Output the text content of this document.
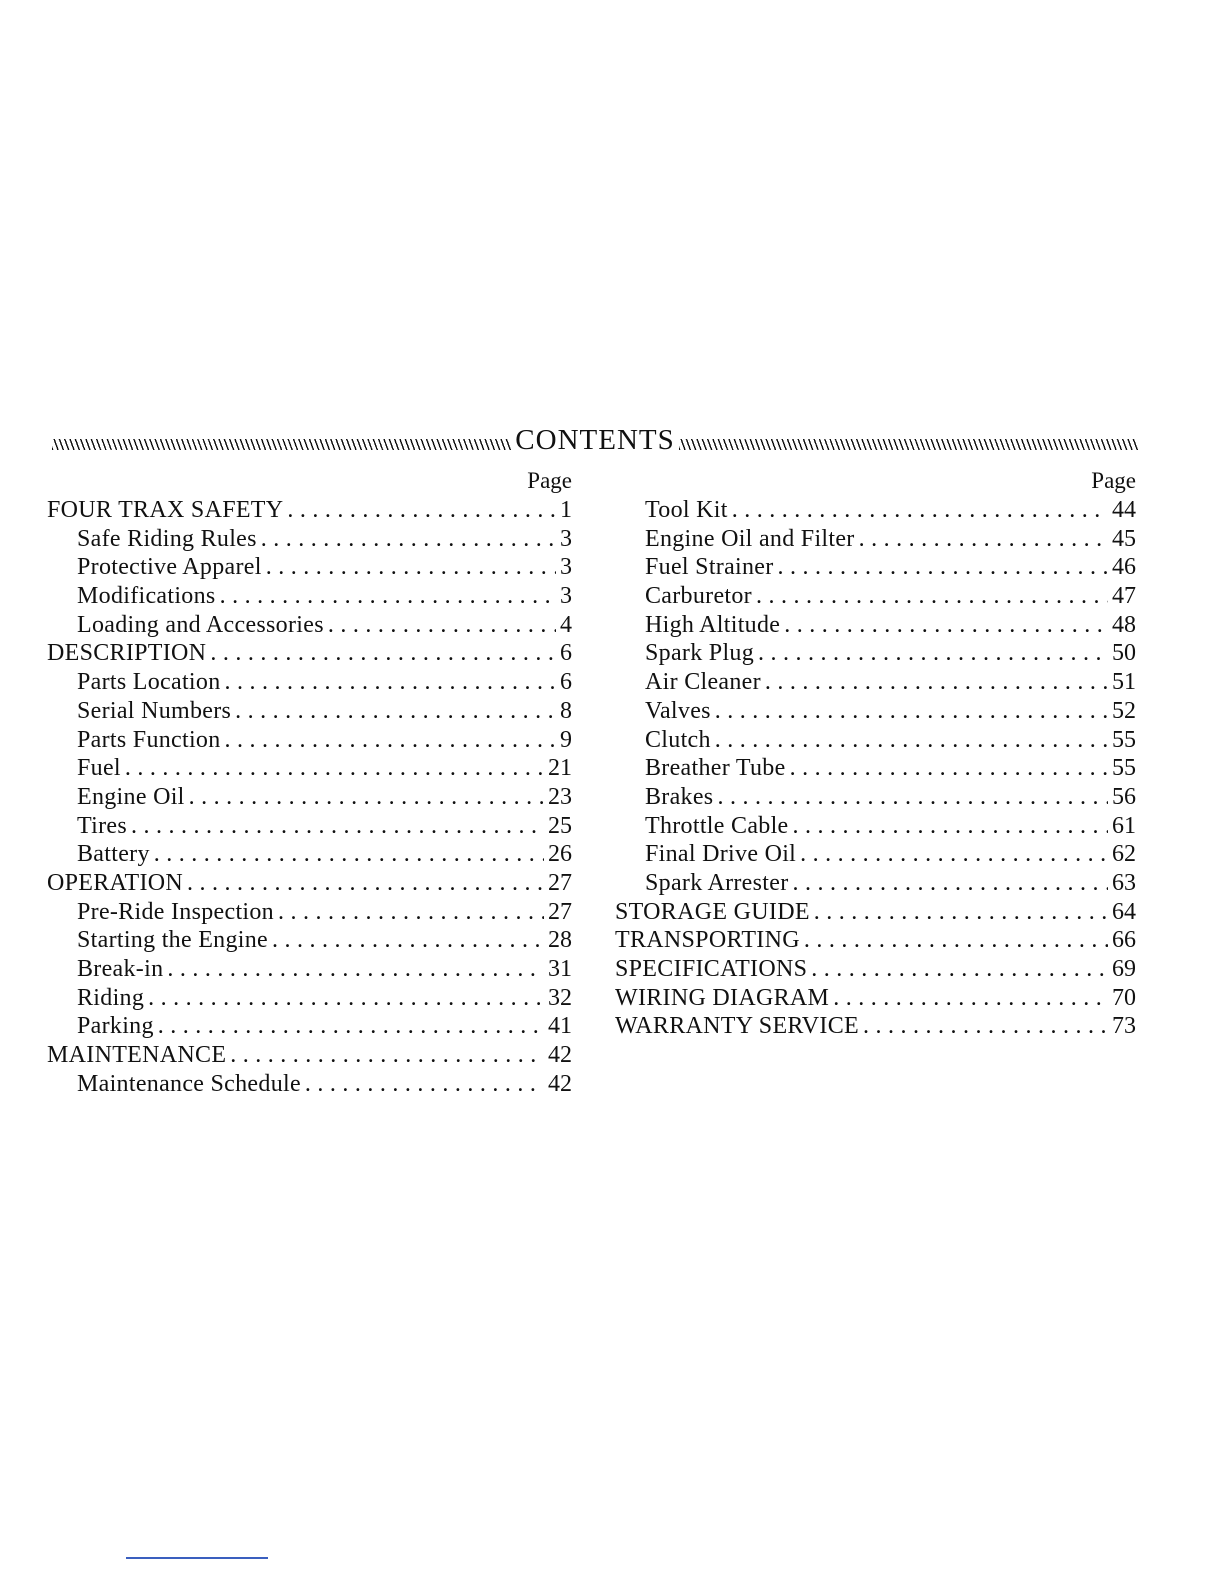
CONTENTS
Page
FOUR TRAX SAFETY . . .	1
Safe Riding Rules . . .	3
Protective Apparel . . .	3
Modifications . . .	3
Loading and Accessories . . .	4
DESCRIPTION . . .	6
Parts Location . . .	6
Serial Numbers . . .	8
Parts Function . . .	9
Fuel . . .	21
Engine Oil . . .	23
Tires . . .	25
Battery . . .	26
OPERATION . . .	27
Pre-Ride Inspection . . .	27
Starting the Engine . . .	28
Break-in . . .	31
Riding . . .	32
Parking . . .	41
MAINTENANCE . . .	42
Maintenance Schedule . . .	42
Page
Tool Kit . . .	44
Engine Oil and Filter . . .	45
Fuel Strainer . . .	46
Carburetor . . .	47
High Altitude . . .	48
Spark Plug . . .	50
Air Cleaner . . .	51
Valves . . .	52
Clutch . . .	55
Breather Tube . . .	55
Brakes . . .	56
Throttle Cable . . .	61
Final Drive Oil . . .	62
Spark Arrester . . .	63
STORAGE GUIDE . . .	64
TRANSPORTING . . .	66
SPECIFICATIONS . . .	69
WIRING DIAGRAM . . .	70
WARRANTY SERVICE . . .	73
